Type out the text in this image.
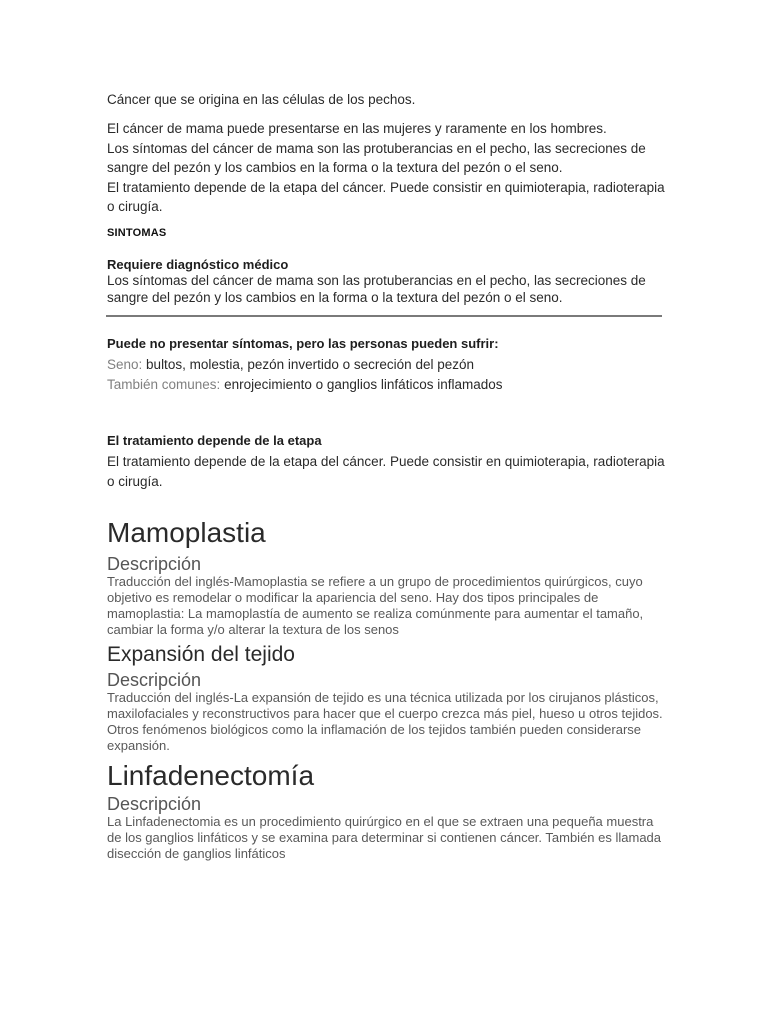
Cáncer que se origina en las células de los pechos.

El cáncer de mama puede presentarse en las mujeres y raramente en los hombres.
Los síntomas del cáncer de mama son las protuberancias en el pecho, las secreciones de sangre del pezón y los cambios en la forma o la textura del pezón o el seno.
El tratamiento depende de la etapa del cáncer. Puede consistir en quimioterapia, radioterapia o cirugía.
SINTOMAS
Requiere diagnóstico médico
Los síntomas del cáncer de mama son las protuberancias en el pecho, las secreciones de sangre del pezón y los cambios en la forma o la textura del pezón o el seno.
Puede no presentar síntomas, pero las personas pueden sufrir:
Seno: bultos, molestia, pezón invertido o secreción del pezón
También comunes: enrojecimiento o ganglios linfáticos inflamados
El tratamiento depende de la etapa
El tratamiento depende de la etapa del cáncer. Puede consistir en quimioterapia, radioterapia o cirugía.
Mamoplastia
Descripción
Traducción del inglés-Mamoplastia se refiere a un grupo de procedimientos quirúrgicos, cuyo objetivo es remodelar o modificar la apariencia del seno. Hay dos tipos principales de mamoplastia: La mamoplastía de aumento se realiza comúnmente para aumentar el tamaño, cambiar la forma y/o alterar la textura de los senos
Expansión del tejido
Descripción
Traducción del inglés-La expansión de tejido es una técnica utilizada por los cirujanos plásticos, maxilofaciales y reconstructivos para hacer que el cuerpo crezca más piel, hueso u otros tejidos. Otros fenómenos biológicos como la inflamación de los tejidos también pueden considerarse expansión.
Linfadenectomía
Descripción
La Linfadenectomia es un procedimiento quirúrgico en el que se extraen una pequeña muestra de los ganglios linfáticos y se examina para determinar si contienen cáncer. También es llamada disección de ganglios linfáticos
